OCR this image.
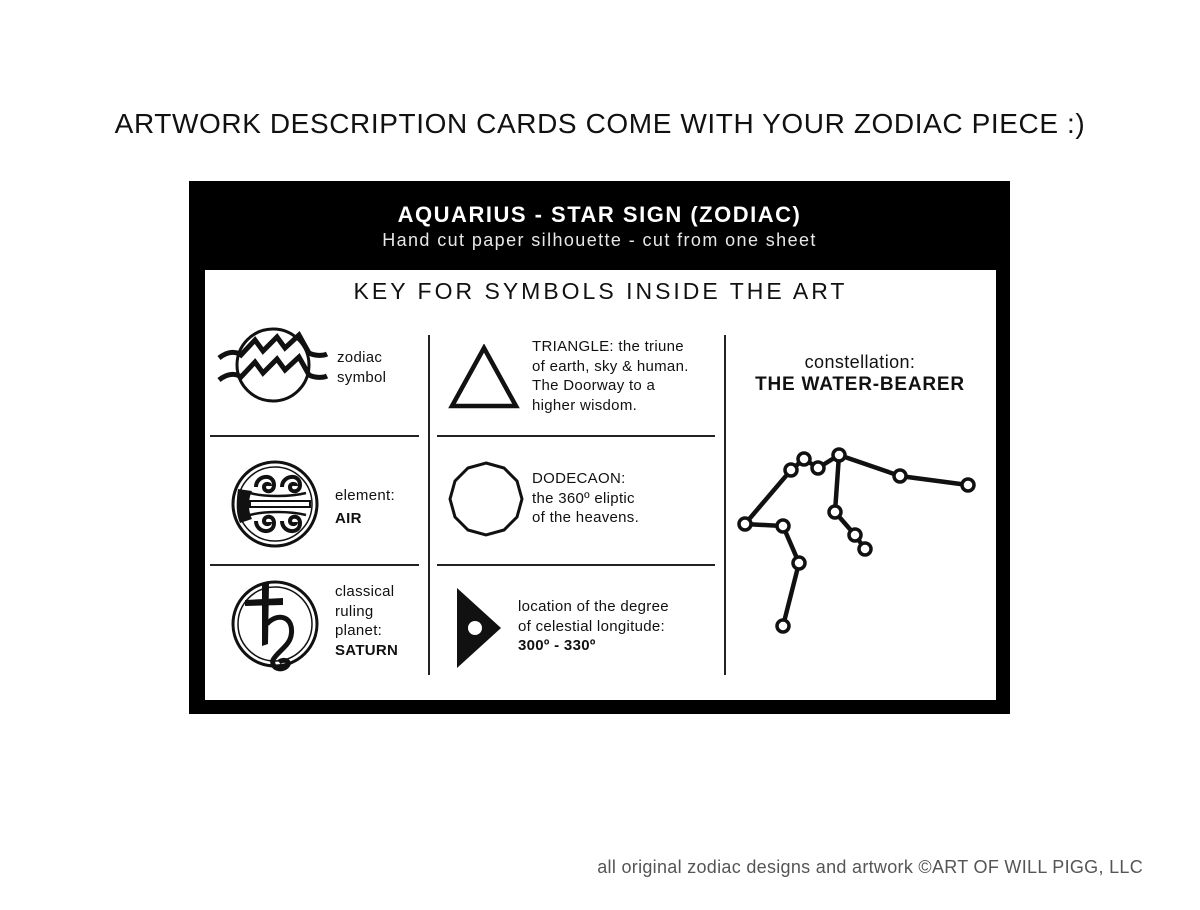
ARTWORK DESCRIPTION CARDS COME WITH YOUR ZODIAC PIECE :)
AQUARIUS - STAR SIGN (ZODIAC)
Hand cut paper silhouette - cut from one sheet
KEY FOR SYMBOLS INSIDE THE ART
zodiac
symbol
element:
AIR
classical
ruling
planet:
SATURN
TRIANGLE: the triune
of earth, sky & human.
The Doorway to a
higher wisdom.
DODECAON:
the 360º eliptic
of the heavens.
location of the degree
of celestial longitude:
300º - 330º
constellation:
THE WATER-BEARER
all original zodiac designs and artwork ©ART OF WILL PIGG, LLC
